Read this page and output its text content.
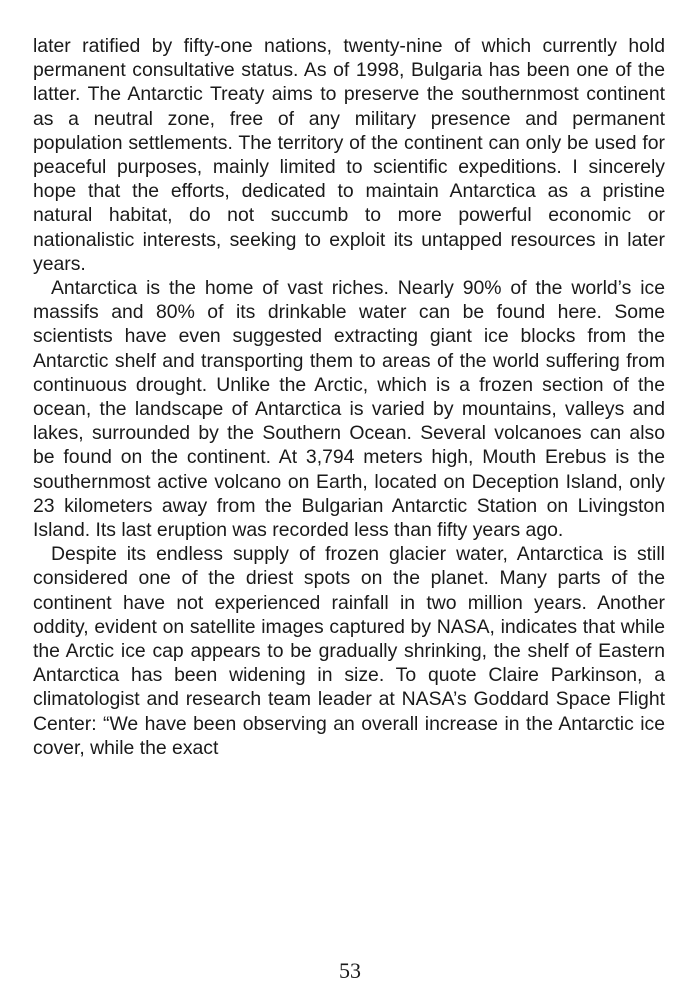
later ratified by fifty-one nations, twenty-nine of which currently hold permanent consultative status. As of 1998, Bulgaria has been one of the latter. The Antarctic Treaty aims to preserve the southernmost continent as a neutral zone, free of any military presence and permanent population settlements. The territory of the continent can only be used for peaceful purposes, mainly limited to scientific expeditions. I sincerely hope that the efforts, dedicated to maintain Antarctica as a pristine natural habitat, do not succumb to more powerful economic or nationalistic interests, seeking to exploit its untapped resources in later years.

Antarctica is the home of vast riches. Nearly 90% of the world’s ice massifs and 80% of its drinkable water can be found here. Some scientists have even suggested extracting giant ice blocks from the Antarctic shelf and transporting them to areas of the world suffering from continuous drought. Unlike the Arctic, which is a frozen section of the ocean, the landscape of Antarctica is varied by mountains, valleys and lakes, surrounded by the Southern Ocean. Several volcanoes can also be found on the continent. At 3,794 meters high, Mouth Erebus is the southernmost active volcano on Earth, located on Deception Island, only 23 kilometers away from the Bulgarian Antarctic Station on Livingston Island. Its last eruption was recorded less than fifty years ago.

Despite its endless supply of frozen glacier water, Antarctica is still considered one of the driest spots on the planet. Many parts of the continent have not experienced rainfall in two million years. Another oddity, evident on satellite images captured by NASA, indicates that while the Arctic ice cap appears to be gradually shrinking, the shelf of Eastern Antarctica has been widening in size. To quote Claire Parkinson, a climatologist and research team leader at NASA’s Goddard Space Flight Center: “We have been observing an overall increase in the Antarctic ice cover, while the exact

53
